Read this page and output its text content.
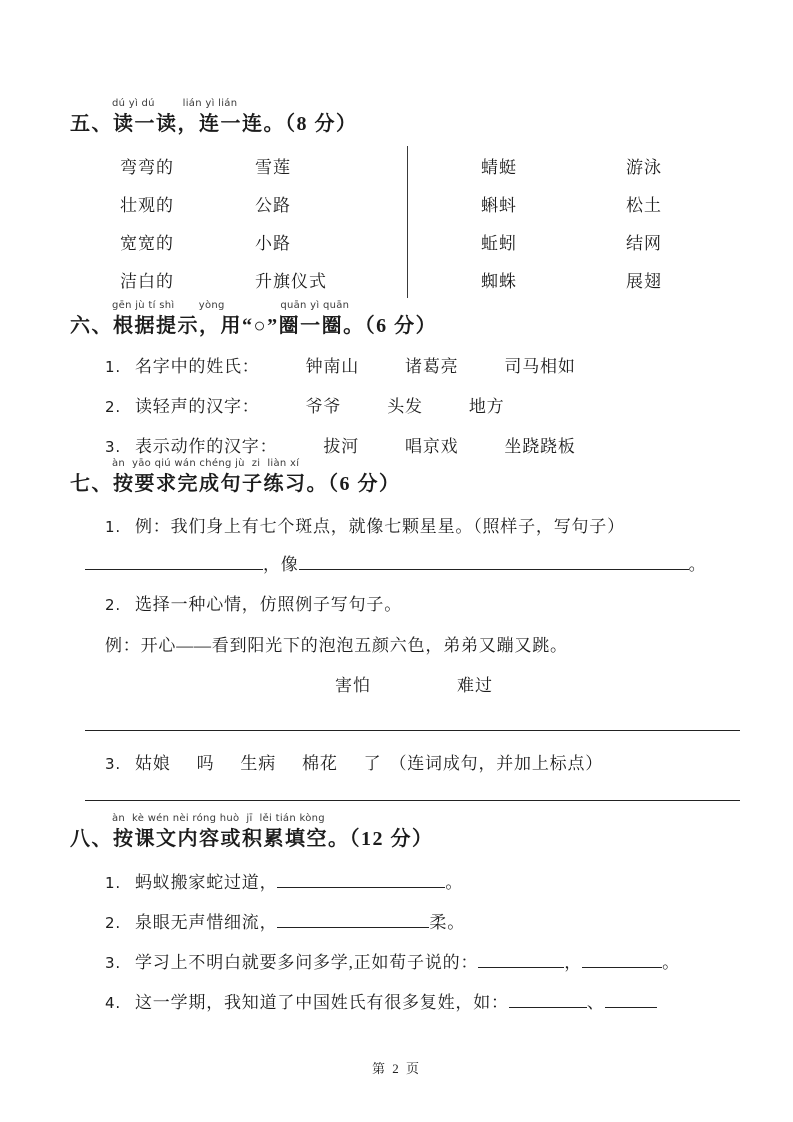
dú yì dú        lián yì lián
五、读一读，连一连。（8 分）
弯弯的	雪莲
壮观的	公路
宽宽的	小路
洁白的	升旗仪式
蜻蜓	游泳
蝌蚪	松土
蚯蚓	结网
蜘蛛	展翅
gēn jù tí shì       yòng                quān yì quān
六、根据提示，用“○”圈一圈。（6 分）
1. 名字中的姓氏：	钟南山	诸葛亮	司马相如
2. 读轻声的汉字：	爷爷	头发	地方
3. 表示动作的汉字：	拔河	唱京戏	坐跷跷板
àn  yāo qiú wán chéng jù  zi  liàn xí
七、按要求完成句子练习。（6 分）
1. 例：我们身上有七个斑点，就像七颗星星。（照样子，写句子）
，像	。
2. 选择一种心情，仿照例子写句子。
例：开心——看到阳光下的泡泡五颜六色，弟弟又蹦又跳。
害怕	难过
3. 姑娘 吗 生病 棉花 了 （连词成句，并加上标点）
àn  kè wén nèi róng huò  jī  lěi tián kòng
八、按课文内容或积累填空。（12 分）
1. 蚂蚁搬家蛇过道，	。
2. 泉眼无声惜细流，	柔。
3. 学习上不明白就要多问多学,正如荀子说的：	，	。
4. 这一学期，我知道了中国姓氏有很多复姓，如：	、
第 2 页
